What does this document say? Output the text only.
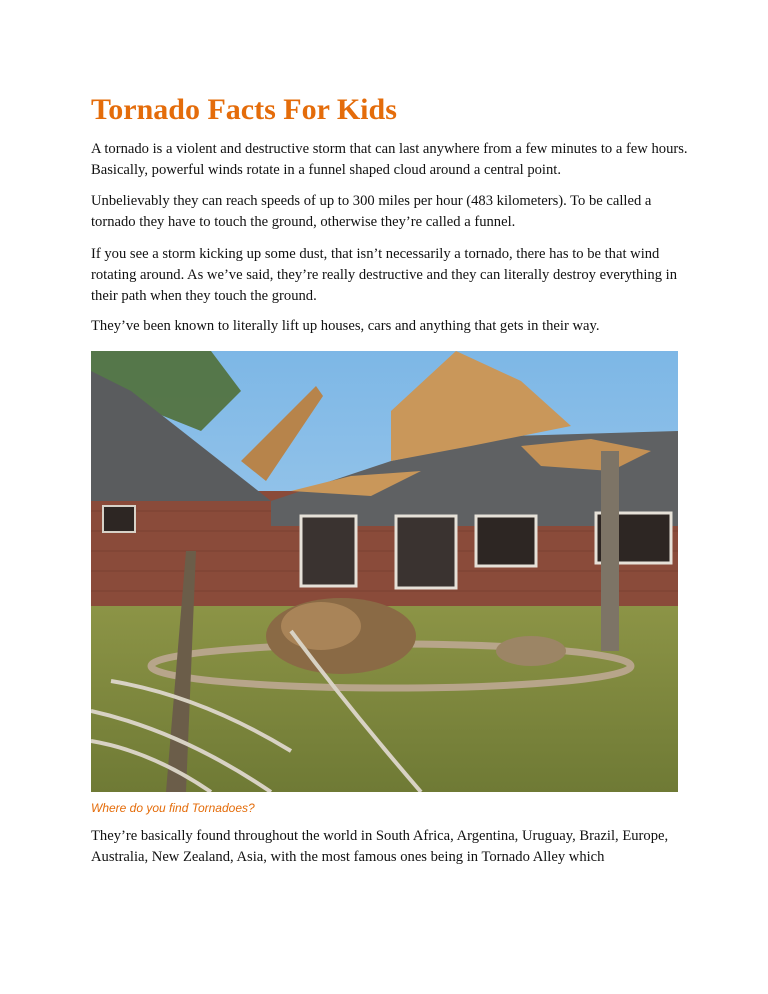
Tornado Facts For Kids

A tornado is a violent and destructive storm that can last anywhere from a few minutes to a few hours. Basically, powerful winds rotate in a funnel shaped cloud around a central point.

Unbelievably they can reach speeds of up to 300 miles per hour (483 kilometers). To be called a tornado they have to touch the ground, otherwise they’re called a funnel.

If you see a storm kicking up some dust, that isn’t necessarily a tornado, there has to be that wind rotating around. As we’ve said, they’re really destructive and they can literally destroy everything in their path when they touch the ground.

They’ve been known to literally lift up houses, cars and anything that gets in their way.

Where do you find Tornadoes?

They’re basically found throughout the world in South Africa, Argentina, Uruguay, Brazil, Europe, Australia, New Zealand, Asia, with the most famous ones being in Tornado Alley which
